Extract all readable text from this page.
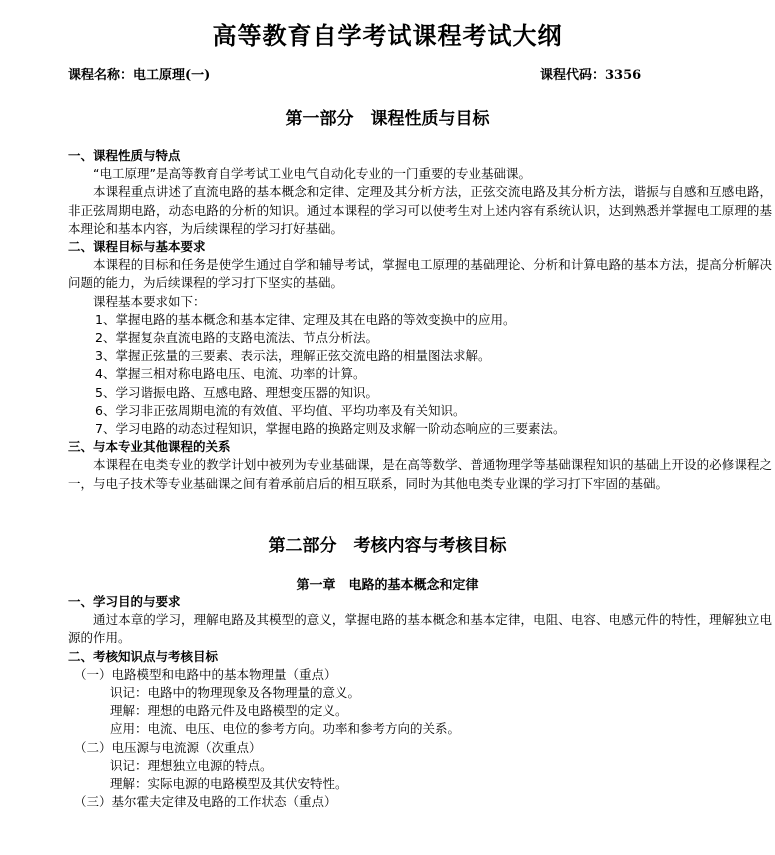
高等教育自学考试课程考试大纲
课程名称：电工原理(一)	课程代码：3356
第一部分　课程性质与目标
一、课程性质与特点

“电工原理”是高等教育自学考试工业电气自动化专业的一门重要的专业基础课。

本课程重点讲述了直流电路的基本概念和定律、定理及其分析方法，正弦交流电路及其分析方法，谐振与自感和互感电路，非正弦周期电路，动态电路的分析的知识。通过本课程的学习可以使考生对上述内容有系统认识，达到熟悉并掌握电工原理的基本理论和基本内容，为后续课程的学习打好基础。

二、课程目标与基本要求

本课程的目标和任务是使学生通过自学和辅导考试，掌握电工原理的基础理论、分析和计算电路的基本方法，提高分析解决问题的能力，为后续课程的学习打下坚实的基础。

课程基本要求如下：

1、掌握电路的基本概念和基本定律、定理及其在电路的等效变换中的应用。

2、掌握复杂直流电路的支路电流法、节点分析法。

3、掌握正弦量的三要素、表示法，理解正弦交流电路的相量图法求解。

4、掌握三相对称电路电压、电流、功率的计算。

5、学习谐振电路、互感电路、理想变压器的知识。

6、学习非正弦周期电流的有效值、平均值、平均功率及有关知识。

7、学习电路的动态过程知识，掌握电路的换路定则及求解一阶动态响应的三要素法。

三、与本专业其他课程的关系

本课程在电类专业的教学计划中被列为专业基础课，是在高等数学、普通物理学等基础课程知识的基础上开设的必修课程之一，与电子技术等专业基础课之间有着承前启后的相互联系，同时为其他电类专业课的学习打下牢固的基础。

第二部分　考核内容与考核目标
第一章　电路的基本概念和定律
一、学习目的与要求

通过本章的学习，理解电路及其模型的意义，掌握电路的基本概念和基本定律，电阻、电容、电感元件的特性，理解独立电源的作用。

二、考核知识点与考核目标

（一）电路模型和电路中的基本物理量（重点）

识记：电路中的物理现象及各物理量的意义。

理解：理想的电路元件及电路模型的定义。

应用：电流、电压、电位的参考方向。功率和参考方向的关系。

（二）电压源与电流源（次重点）

识记：理想独立电源的特点。

理解：实际电源的电路模型及其伏安特性。

（三）基尔霍夫定律及电路的工作状态（重点）
